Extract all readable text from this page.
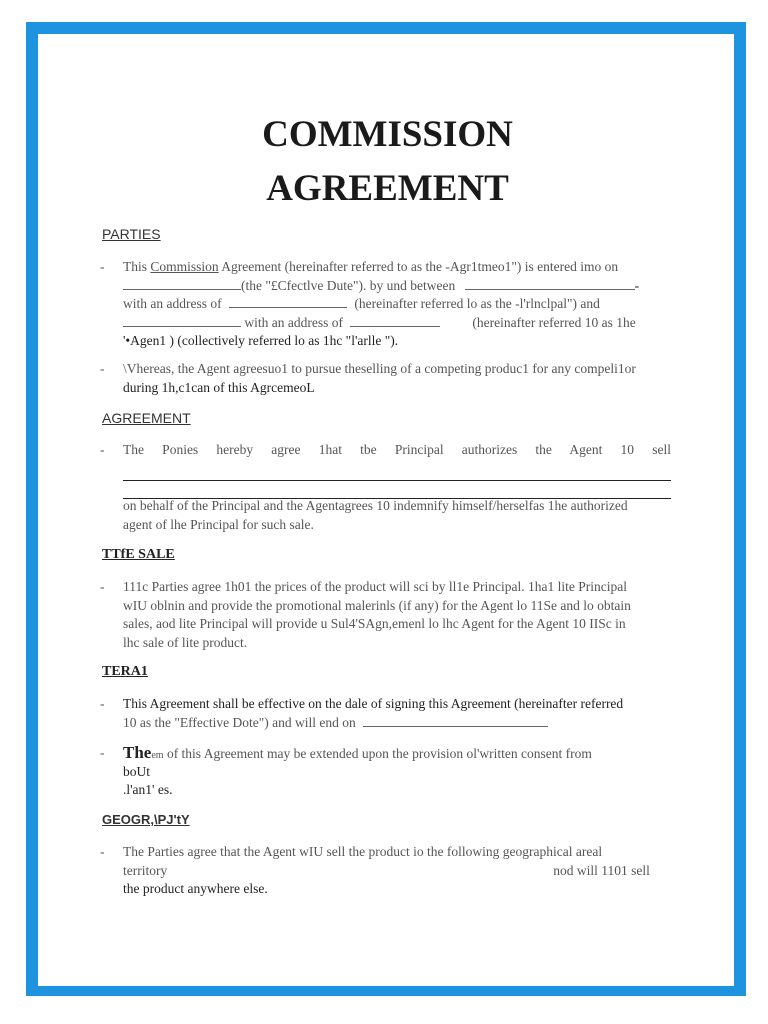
COMMISSION
AGREEMENT
PARTIES
-	This Commission Agreement (hereinafter referred to as the -Agr1tmeo1") is entered imo on
(the "£Cfectlve Dute"). by und between	-
with an address of	(hereinafter referred lo as the -l'rlnclpal") and
with an address of	(hereinafter referred 10 as 1he
'•Agen1 ) (collectively referred lo as 1hc "l'arlle ").
-	\Vhereas, the Agent agreesuo1 to pursue theselling of a competing produc1 for any compeli1or
during 1h,c1can of this AgrcemeoL
AGREEMENT
-	The Ponies hereby agree 1hat tbe Principal authorizes the Agent 10 sell
on behalf of the Principal and the Agentagrees 10 indemnify himself/herselfas 1he authorized
agent of lhe Principal for such sale.
TTfE SALE
-	111c Parties agree 1h01 the prices of the product will sci by ll1e Principal. 1ha1 lite Principal
wIU oblnin and provide the promotional malerinls (if any) for the Agent lo 11Se and lo obtain
sales, aod lite Principal will provide u Sul4'SAgn,emenl lo lhc Agent for the Agent 10 IISc in
lhc sale of lite product.
TERA1
-	This Agreement shall be effective on the dale of signing this Agreement (hereinafter referred
10 as the "Effective Dote") and will end on
-	Theem of this Agreement may be extended upon the provision ol'written consent from
boUt
.l'an1' es.
GEOGR,\PJ'tY
-	The Parties agree that the Agent wIU sell the product io the following geographical areal
territory	nod will 1101 sell
the product anywhere else.
